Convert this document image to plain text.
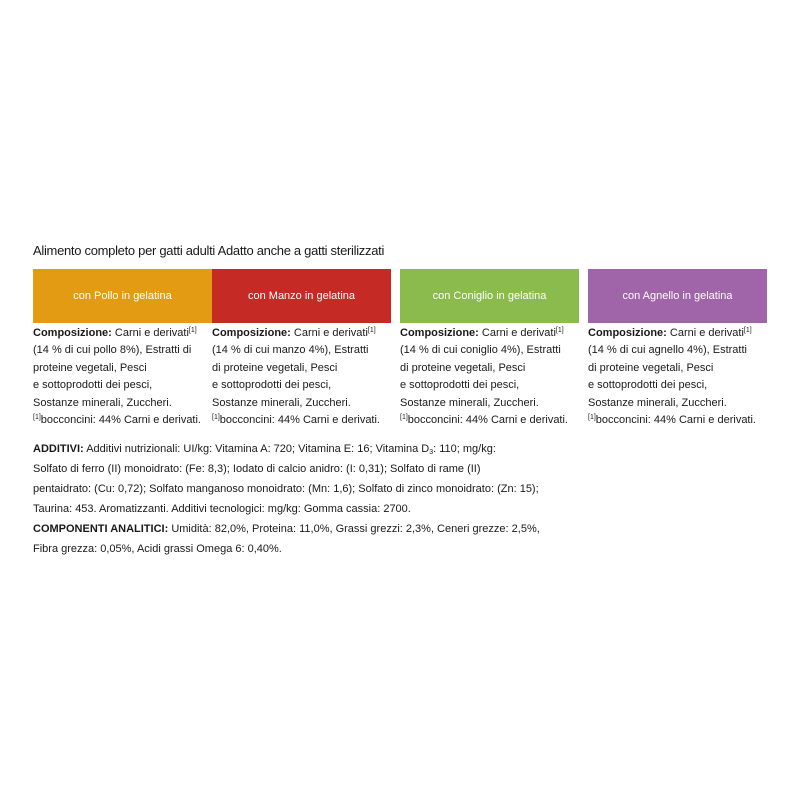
Alimento completo per gatti adulti Adatto anche a gatti sterilizzati
con Pollo in gelatina
Composizione: Carni e derivati[1]
(14 % di cui pollo 8%), Estratti di
proteine vegetali, Pesci
e sottoprodotti dei pesci,
Sostanze minerali, Zuccheri.
[1]bocconcini: 44% Carni e derivati.
con Manzo in gelatina
Composizione: Carni e derivati[1]
(14 % di cui manzo 4%), Estratti
di proteine vegetali, Pesci
e sottoprodotti dei pesci,
Sostanze minerali, Zuccheri.
[1]bocconcini: 44% Carni e derivati.
con Coniglio in gelatina
Composizione: Carni e derivati[1]
(14 % di cui coniglio 4%), Estratti
di proteine vegetali, Pesci
e sottoprodotti dei pesci,
Sostanze minerali, Zuccheri.
[1]bocconcini: 44% Carni e derivati.
con Agnello in gelatina
Composizione: Carni e derivati[1]
(14 % di cui agnello 4%), Estratti
di proteine vegetali, Pesci
e sottoprodotti dei pesci,
Sostanze minerali, Zuccheri.
[1]bocconcini: 44% Carni e derivati.
ADDITIVI: Additivi nutrizionali: UI/kg: Vitamina A: 720; Vitamina E: 16; Vitamina $D_3$: 110; mg/kg:
Solfato di ferro (II) monoidrato: (Fe: 8,3); Iodato di calcio anidro: (I: 0,31); Solfato di rame (II)
pentaidrato: (Cu: 0,72); Solfato manganoso monoidrato: (Mn: 1,6); Solfato di zinco monoidrato: (Zn: 15);
Taurina: 453. Aromatizzanti. Additivi tecnologici: mg/kg: Gomma cassia: 2700.
COMPONENTI ANALITICI: Umidità: 82,0%, Proteina: 11,0%, Grassi grezzi: 2,3%, Ceneri grezze: 2,5%,
Fibra grezza: 0,05%, Acidi grassi Omega 6: 0,40%.
